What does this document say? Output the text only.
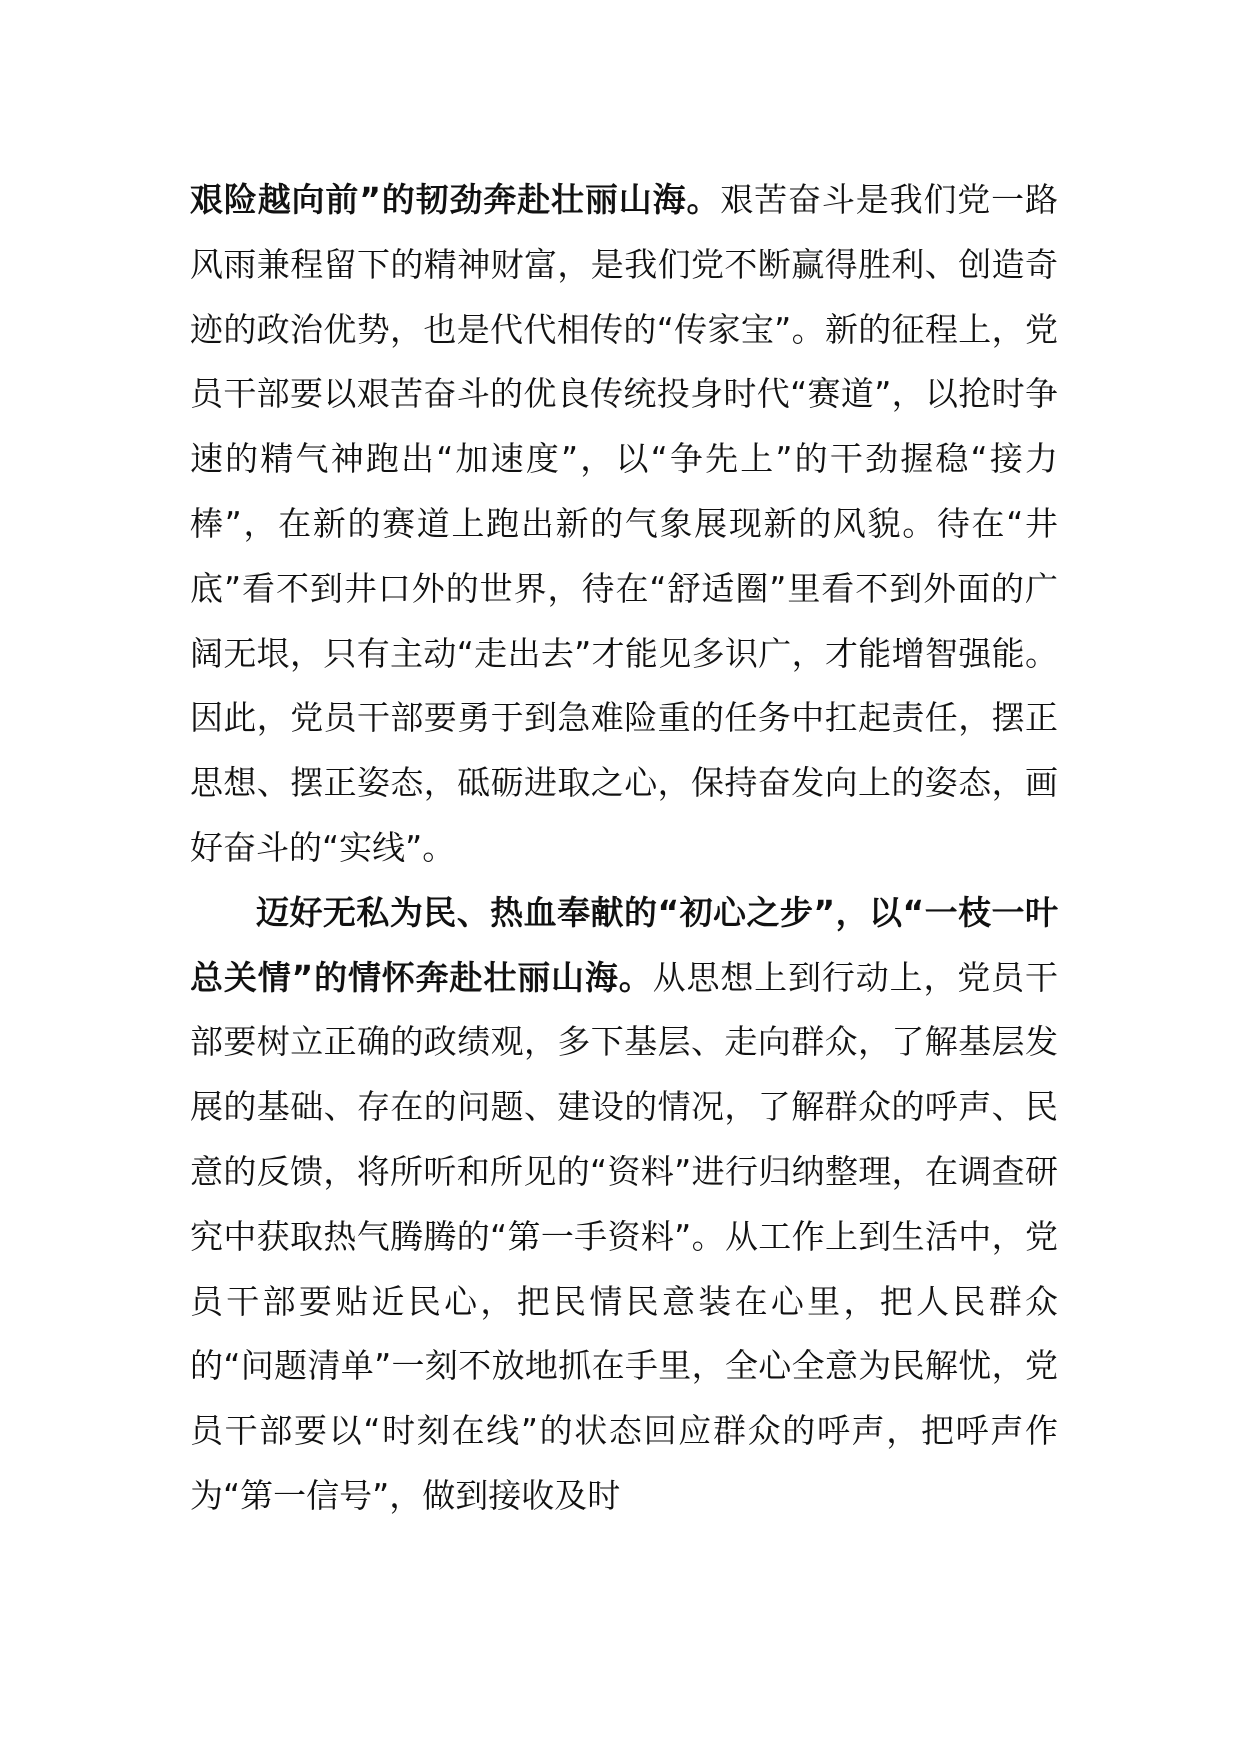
艰险越向前”的韧劲奔赴壮丽山海。艰苦奋斗是我们党一路风雨兼程留下的精神财富，是我们党不断赢得胜利、创造奇迹的政治优势，也是代代相传的“传家宝”。新的征程上，党员干部要以艰苦奋斗的优良传统投身时代“赛道”，以抢时争速的精气神跑出“加速度”，以“争先上”的干劲握稳“接力棒”，在新的赛道上跑出新的气象展现新的风貌。待在“井底”看不到井口外的世界，待在“舒适圈”里看不到外面的广阔无垠，只有主动“走出去”才能见多识广，才能增智强能。因此，党员干部要勇于到急难险重的任务中扛起责任，摆正思想、摆正姿态，砥砺进取之心，保持奋发向上的姿态，画好奋斗的“实线”。

迈好无私为民、热血奉献的“初心之步”，以“一枝一叶总关情”的情怀奔赴壮丽山海。从思想上到行动上，党员干部要树立正确的政绩观，多下基层、走向群众，了解基层发展的基础、存在的问题、建设的情况，了解群众的呼声、民意的反馈，将所听和所见的“资料”进行归纳整理，在调查研究中获取热气腾腾的“第一手资料”。从工作上到生活中，党员干部要贴近民心，把民情民意装在心里，把人民群众的“问题清单”一刻不放地抓在手里，全心全意为民解忧，党员干部要以“时刻在线”的状态回应群众的呼声，把呼声作为“第一信号”，做到接收及时
